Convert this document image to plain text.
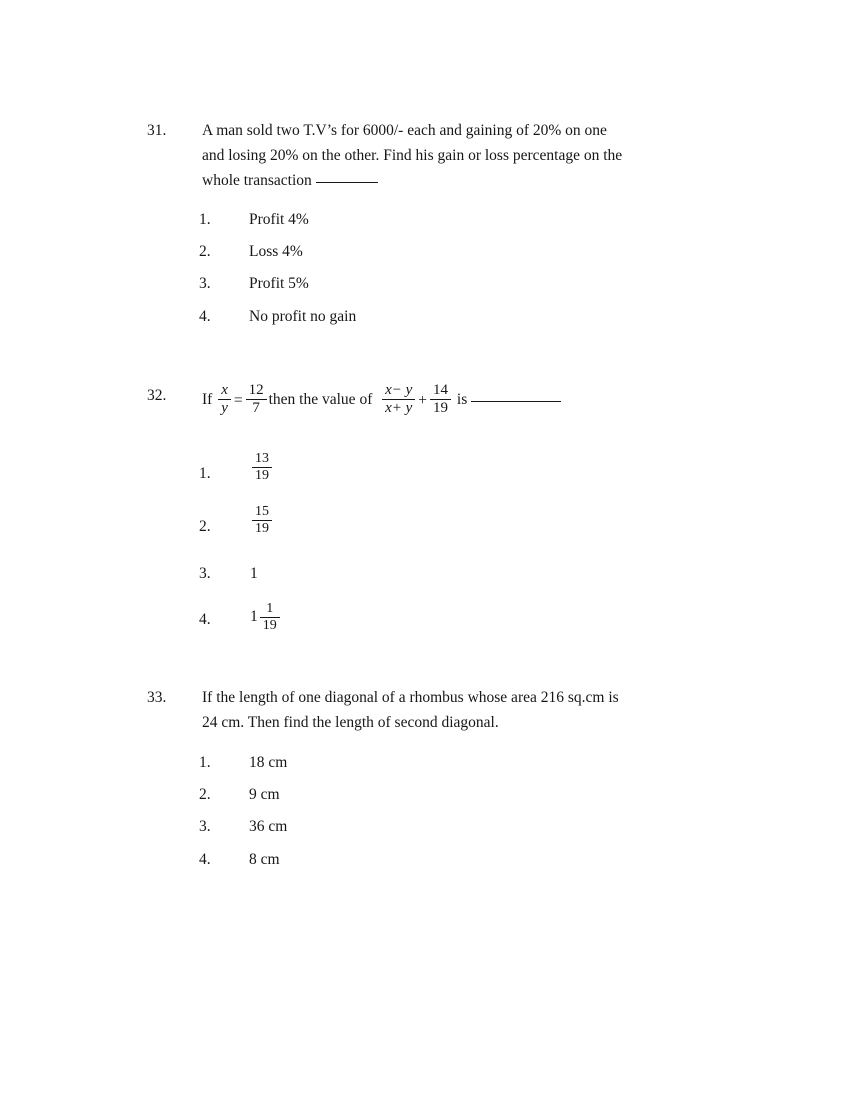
31. A man sold two T.V’s for 6000/- each and gaining of 20% on one
and losing 20% on the other. Find his gain or loss percentage on the
whole transaction
1. Profit 4%
2. Loss 4%
3. Profit 5%
4. No profit no gain
32. If $\frac{x}{y} = \frac{12}{7}$ then the value of $\frac{x- y}{x+ y} + \frac{14}{19}$ is
1.	$\frac{13}{19}$
2.	$\frac{15}{19}$
3.	1
4.	$1 \frac{1}{19}$
33. If the length of one diagonal of a rhombus whose area 216 sq.cm is
24 cm. Then find the length of second diagonal.
1. 18 cm
2. 9 cm
3. 36 cm
4. 8 cm
